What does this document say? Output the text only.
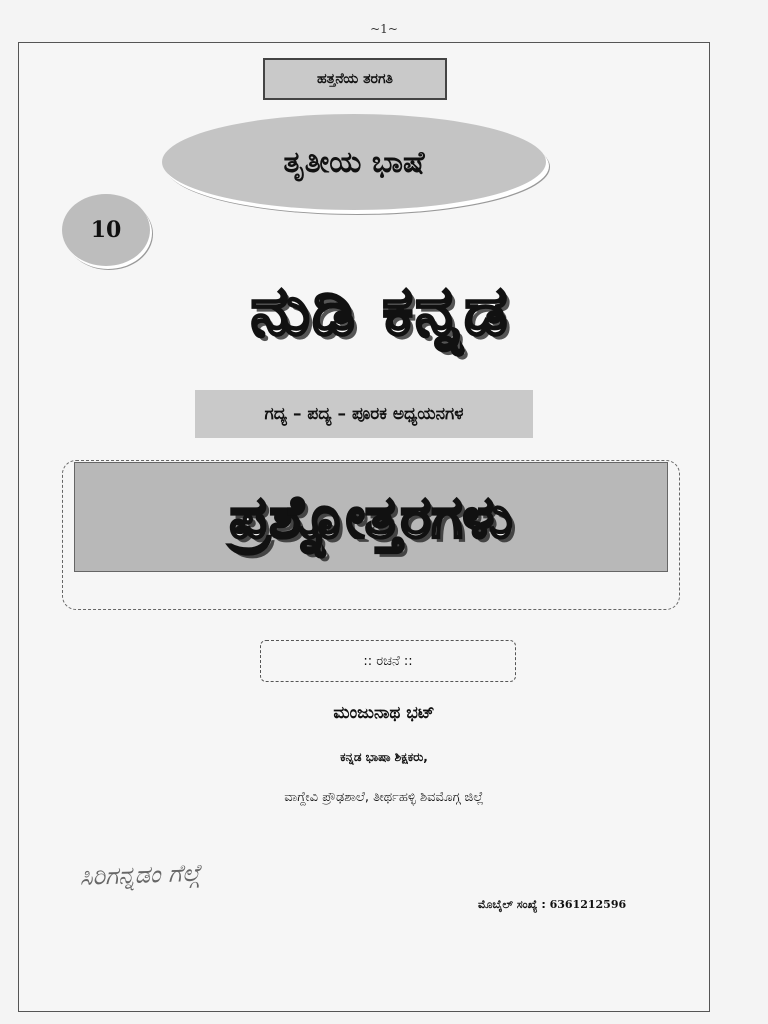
~1~
ಹತ್ತನೆಯ ತರಗತಿ
ತೃತೀಯ ಭಾಷೆ
10
ನುಡಿ ಕನ್ನಡ
ಗದ್ಯ – ಪದ್ಯ – ಪೂರಕ ಅಧ್ಯಯನಗಳ
ಪ್ರಶ್ನೋತ್ತರಗಳು
:: ರಚನೆ ::
ಮಂಜುನಾಥ ಭಟ್
ಕನ್ನಡ ಭಾಷಾ ಶಿಕ್ಷಕರು,
ವಾಗ್ದೇವಿ ಪ್ರೌಢಶಾಲೆ, ತೀರ್ಥಹಳ್ಳಿ ಶಿವಮೊಗ್ಗ ಜಿಲ್ಲೆ
ಸಿರಿಗನ್ನಡಂ ಗೆಲ್ಗೆ
ಮೊಬೈಲ್ ಸಂಖ್ಯೆ : 6361212596
